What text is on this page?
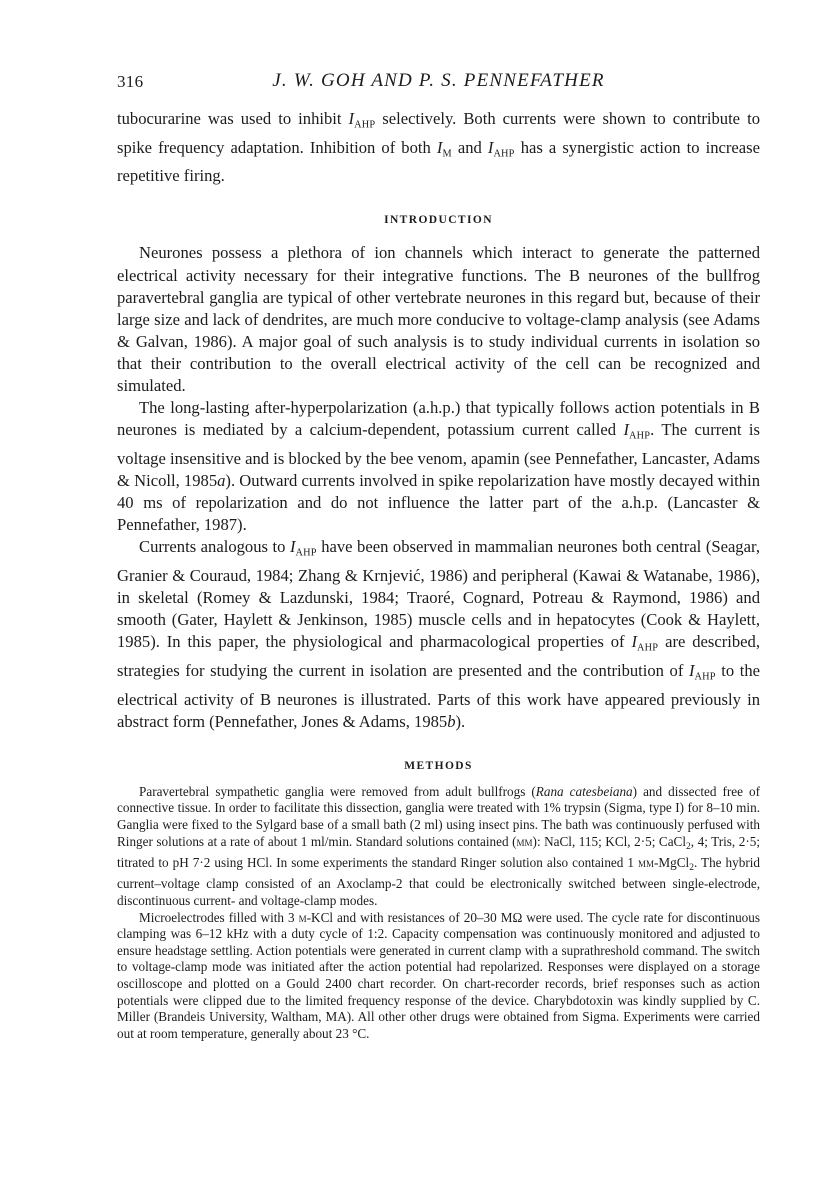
316	J. W. GOH AND P. S. PENNEFATHER

tubocurarine was used to inhibit $I_{AHP}$ selectively. Both currents were shown to contribute to spike frequency adaptation. Inhibition of both $I_M$ and $I_{AHP}$ has a synergistic action to increase repetitive firing.

INTRODUCTION

Neurones possess a plethora of ion channels which interact to generate the patterned electrical activity necessary for their integrative functions. The B neurones of the bullfrog paravertebral ganglia are typical of other vertebrate neurones in this regard but, because of their large size and lack of dendrites, are much more conducive to voltage-clamp analysis (see Adams & Galvan, 1986). A major goal of such analysis is to study individual currents in isolation so that their contribution to the overall electrical activity of the cell can be recognized and simulated.

The long-lasting after-hyperpolarization (a.h.p.) that typically follows action potentials in B neurones is mediated by a calcium-dependent, potassium current called $I_{AHP}$. The current is voltage insensitive and is blocked by the bee venom, apamin (see Pennefather, Lancaster, Adams & Nicoll, 1985a). Outward currents involved in spike repolarization have mostly decayed within 40 ms of repolarization and do not influence the latter part of the a.h.p. (Lancaster & Pennefather, 1987).

Currents analogous to $I_{AHP}$ have been observed in mammalian neurones both central (Seagar, Granier & Couraud, 1984; Zhang & Krnjević, 1986) and peripheral (Kawai & Watanabe, 1986), in skeletal (Romey & Lazdunski, 1984; Traoré, Cognard, Potreau & Raymond, 1986) and smooth (Gater, Haylett & Jenkinson, 1985) muscle cells and in hepatocytes (Cook & Haylett, 1985). In this paper, the physiological and pharmacological properties of $I_{AHP}$ are described, strategies for studying the current in isolation are presented and the contribution of $I_{AHP}$ to the electrical activity of B neurones is illustrated. Parts of this work have appeared previously in abstract form (Pennefather, Jones & Adams, 1985b).

METHODS

Paravertebral sympathetic ganglia were removed from adult bullfrogs (Rana catesbeiana) and dissected free of connective tissue. In order to facilitate this dissection, ganglia were treated with 1% trypsin (Sigma, type I) for 8–10 min. Ganglia were fixed to the Sylgard base of a small bath (2 ml) using insect pins. The bath was continuously perfused with Ringer solutions at a rate of about 1 ml/min. Standard solutions contained (mm): NaCl, 115; KCl, 2·5; CaCl$_2$, 4; Tris, 2·5; titrated to pH 7·2 using HCl. In some experiments the standard Ringer solution also contained 1 mm-MgCl$_2$. The hybrid current–voltage clamp consisted of an Axoclamp-2 that could be electronically switched between single-electrode, discontinuous current- and voltage-clamp modes.

Microelectrodes filled with 3 m-KCl and with resistances of 20–30 MΩ were used. The cycle rate for discontinuous clamping was 6–12 kHz with a duty cycle of 1:2. Capacity compensation was continuously monitored and adjusted to ensure headstage settling. Action potentials were generated in current clamp with a suprathreshold command. The switch to voltage-clamp mode was initiated after the action potential had repolarized. Responses were displayed on a storage oscilloscope and plotted on a Gould 2400 chart recorder. On chart-recorder records, brief responses such as action potentials were clipped due to the limited frequency response of the device. Charybdotoxin was kindly supplied by C. Miller (Brandeis University, Waltham, MA). All other other drugs were obtained from Sigma. Experiments were carried out at room temperature, generally about 23 °C.
